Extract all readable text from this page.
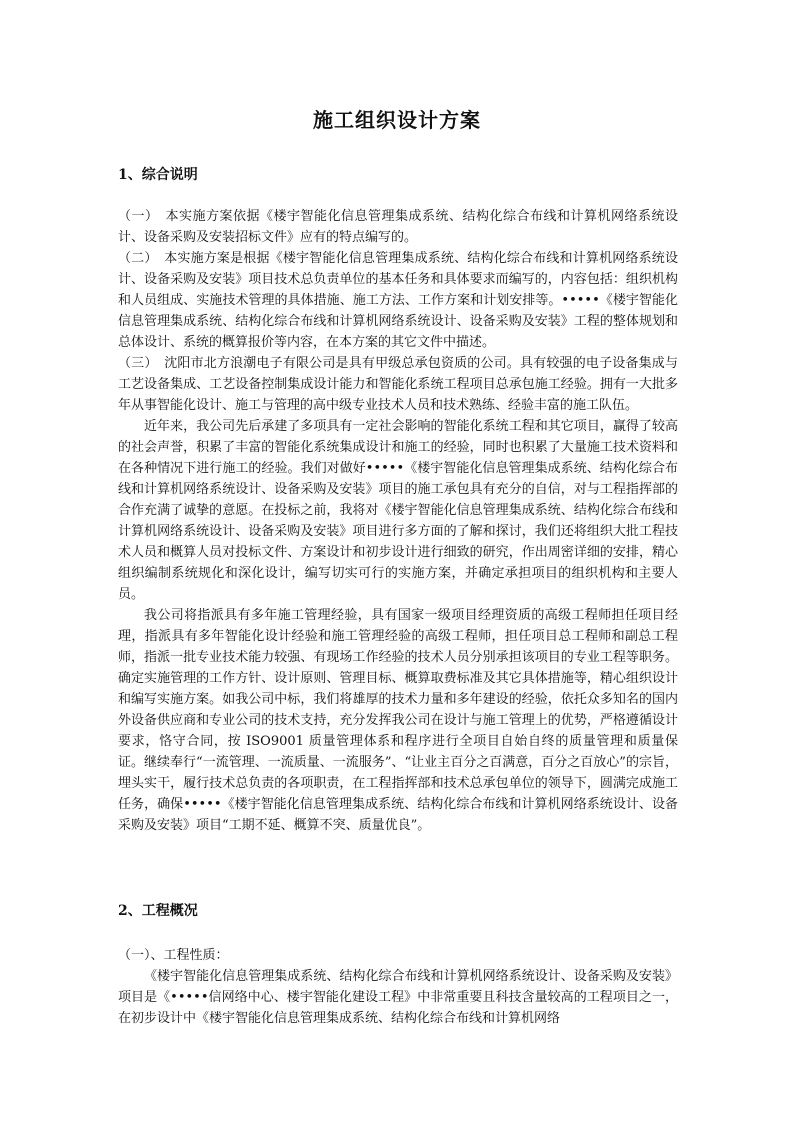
施工组织设计方案
1、综合说明

（一）　本实施方案依据《楼宇智能化信息管理集成系统、结构化综合布线和计算机网络系统设计、设备采购及安装招标文件》应有的特点编写的。

（二）　本实施方案是根据《楼宇智能化信息管理集成系统、结构化综合布线和计算机网络系统设计、设备采购及安装》项目技术总负责单位的基本任务和具体要求而编写的，内容包括：组织机构和人员组成、实施技术管理的具体措施、施工方法、工作方案和计划安排等。•••••《楼宇智能化信息管理集成系统、结构化综合布线和计算机网络系统设计、设备采购及安装》工程的整体规划和总体设计、系统的概算报价等内容，在本方案的其它文件中描述。

（三）　沈阳市北方浪潮电子有限公司是具有甲级总承包资质的公司。具有较强的电子设备集成与工艺设备集成、工艺设备控制集成设计能力和智能化系统工程项目总承包施工经验。拥有一大批多年从事智能化设计、施工与管理的高中级专业技术人员和技术熟练、经验丰富的施工队伍。

近年来，我公司先后承建了多项具有一定社会影响的智能化系统工程和其它项目，赢得了较高的社会声誉，积累了丰富的智能化系统集成设计和施工的经验，同时也积累了大量施工技术资料和在各种情况下进行施工的经验。我们对做好•••••《楼宇智能化信息管理集成系统、结构化综合布线和计算机网络系统设计、设备采购及安装》项目的施工承包具有充分的自信，对与工程指挥部的合作充满了诚挚的意愿。在投标之前，我将对《楼宇智能化信息管理集成系统、结构化综合布线和计算机网络系统设计、设备采购及安装》项目进行多方面的了解和探讨，我们还将组织大批工程技术人员和概算人员对投标文件、方案设计和初步设计进行细致的研究，作出周密详细的安排，精心组织编制系统规化和深化设计，编写切实可行的实施方案，并确定承担项目的组织机构和主要人员。

我公司将指派具有多年施工管理经验，具有国家一级项目经理资质的高级工程师担任项目经理，指派具有多年智能化设计经验和施工管理经验的高级工程师，担任项目总工程师和副总工程师，指派一批专业技术能力较强、有现场工作经验的技术人员分别承担该项目的专业工程等职务。确定实施管理的工作方针、设计原则、管理目标、概算取费标准及其它具体措施等，精心组织设计和编写实施方案。如我公司中标，我们将雄厚的技术力量和多年建设的经验，依托众多知名的国内外设备供应商和专业公司的技术支持，充分发挥我公司在设计与施工管理上的优势，严格遵循设计要求，恪守合同，按 ISO9001 质量管理体系和程序进行全项目自始自终的质量管理和质量保证。继续奉行“一流管理、一流质量、一流服务”、“让业主百分之百满意，百分之百放心”的宗旨，埋头实干，履行技术总负责的各项职责，在工程指挥部和技术总承包单位的领导下，圆满完成施工任务，确保•••••《楼宇智能化信息管理集成系统、结构化综合布线和计算机网络系统设计、设备采购及安装》项目“工期不延、概算不突、质量优良”。

2、工程概况
（一）、工程性质：

《楼宇智能化信息管理集成系统、结构化综合布线和计算机网络系统设计、设备采购及安装》项目是《•••••信网络中心、楼宇智能化建设工程》中非常重要且科技含量较高的工程项目之一，在初步设计中《楼宇智能化信息管理集成系统、结构化综合布线和计算机网络
